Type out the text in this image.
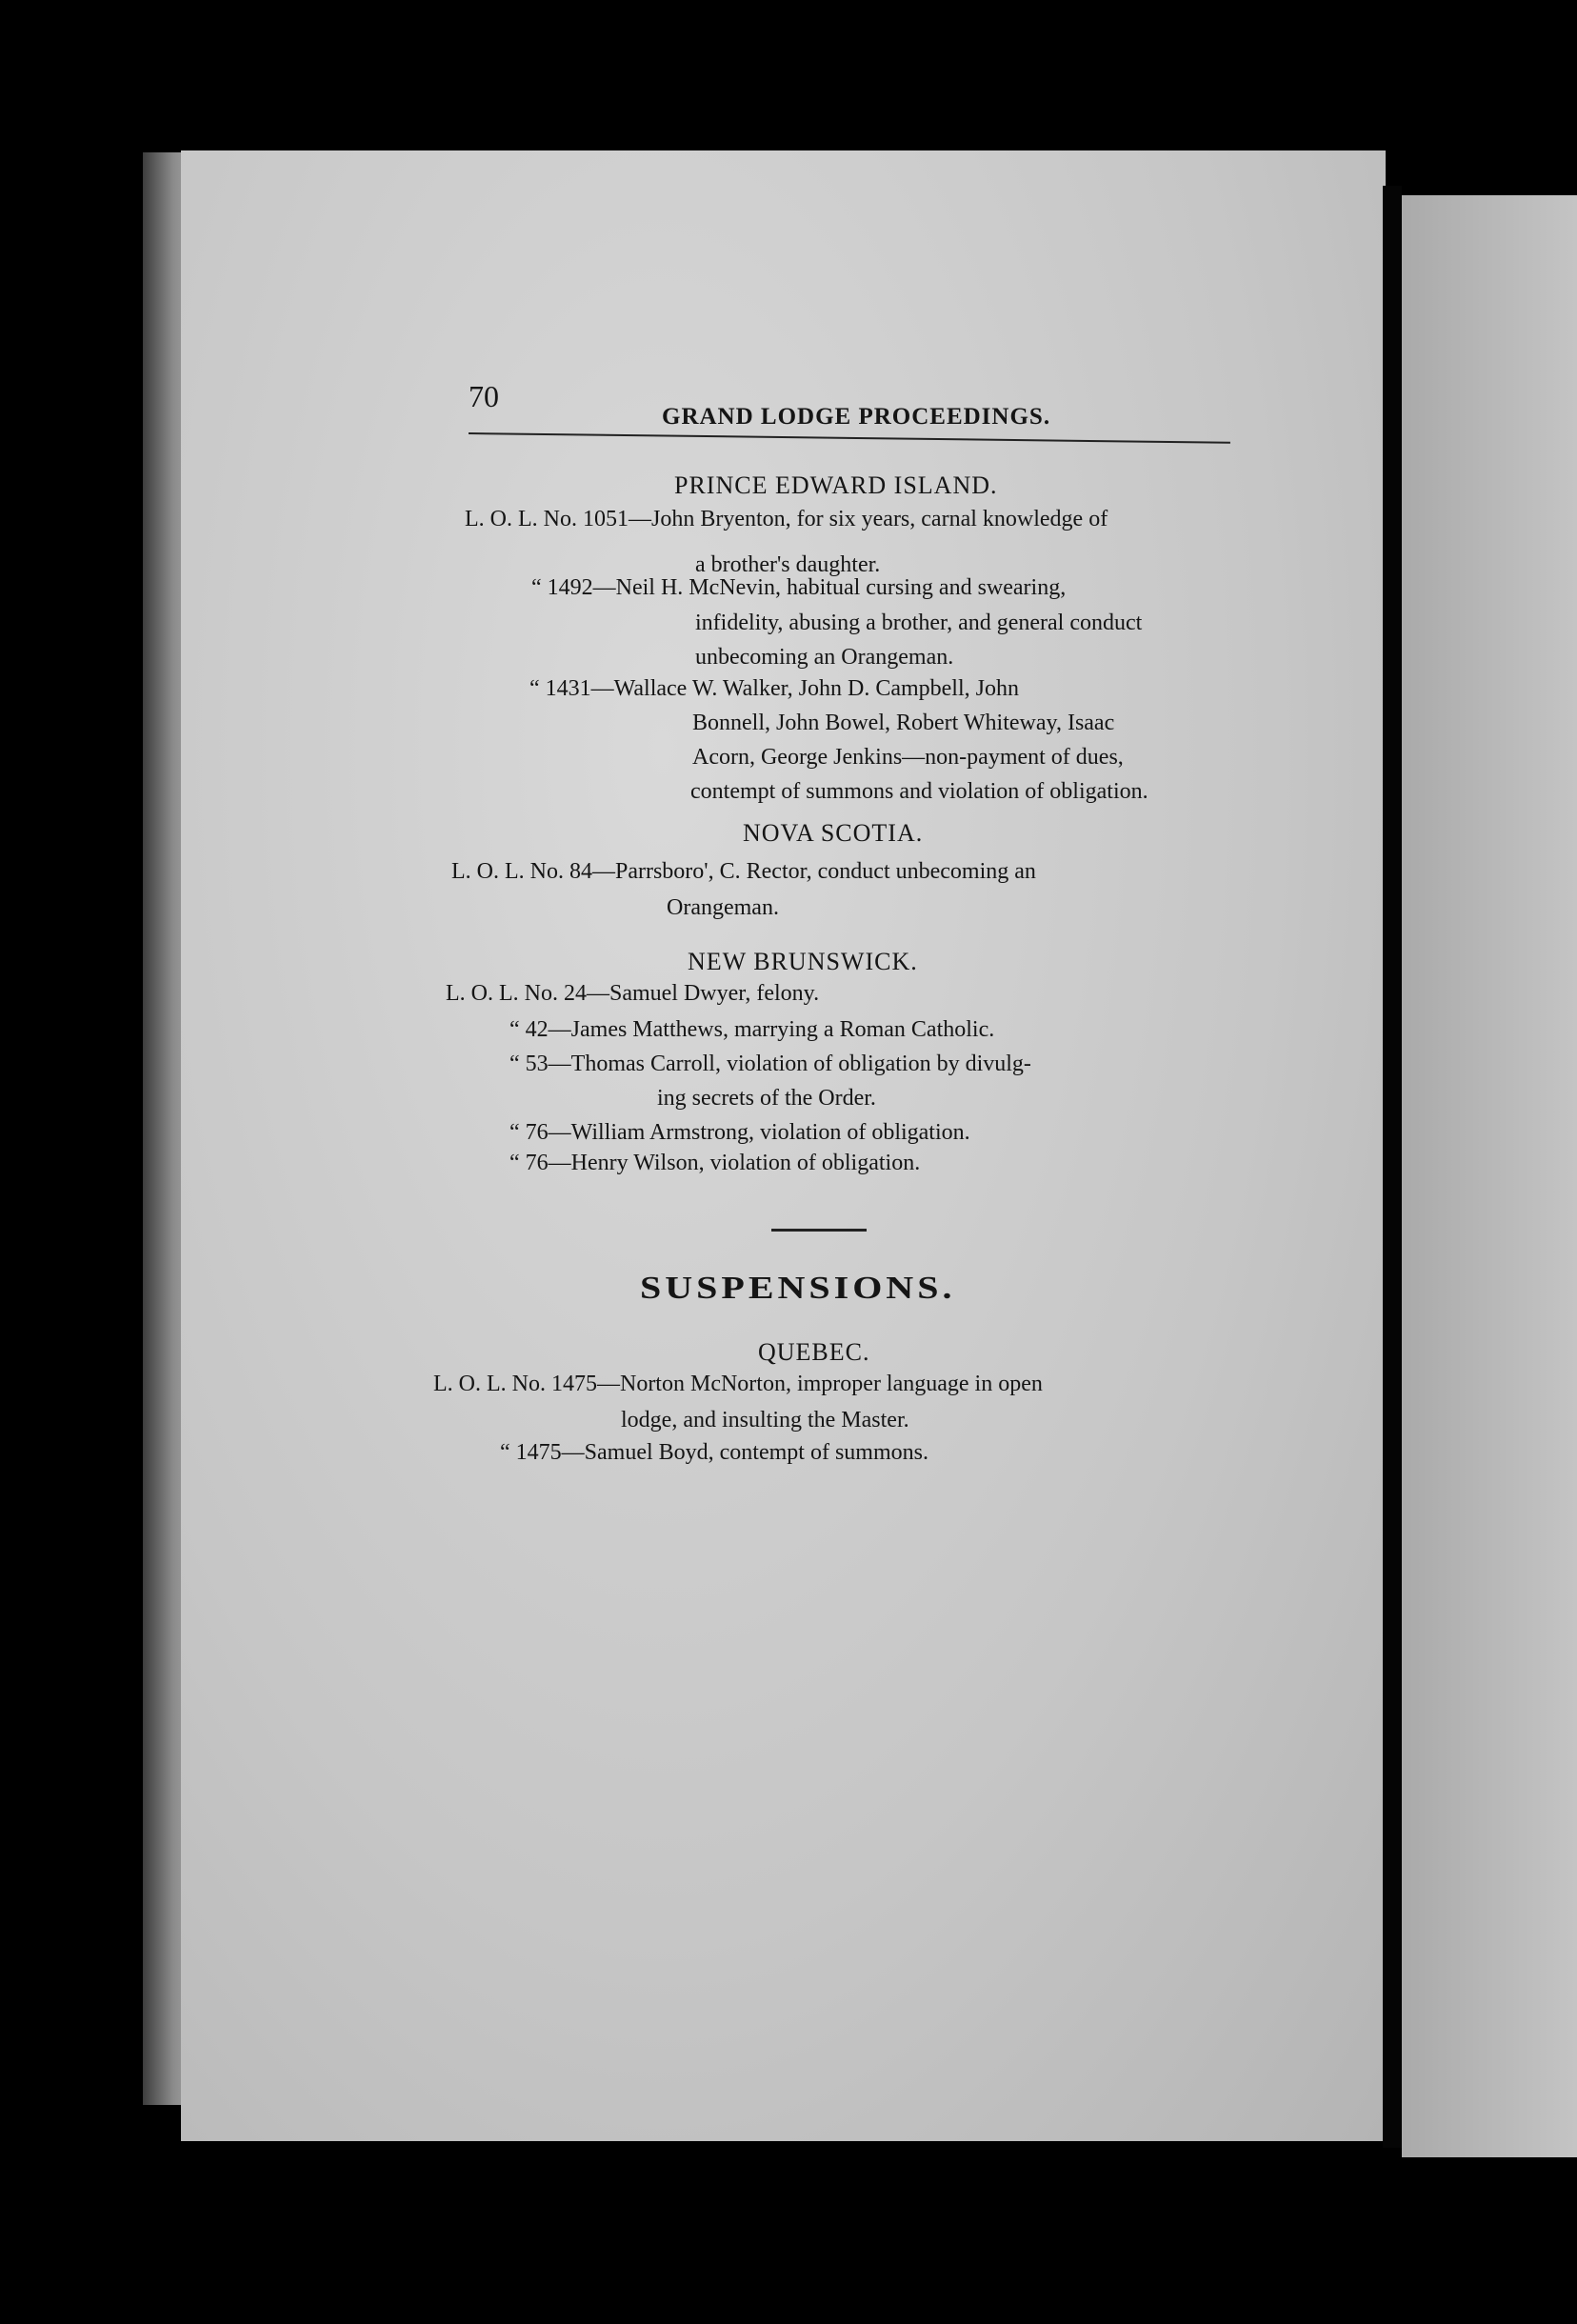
70
GRAND LODGE PROCEEDINGS.
PRINCE EDWARD ISLAND.
L. O. L. No. 1051—John Bryenton, for six years, carnal knowledge of
a brother's daughter.
“ 1492—Neil H. McNevin, habitual cursing and swearing,
infidelity, abusing a brother, and general conduct
unbecoming an Orangeman.
“ 1431—Wallace W. Walker, John D. Campbell, John
Bonnell, John Bowel, Robert Whiteway, Isaac
Acorn, George Jenkins—non-payment of dues,
contempt of summons and violation of obligation.
NOVA SCOTIA.
L. O. L. No. 84—Parrsboro', C. Rector, conduct unbecoming an
Orangeman.
NEW BRUNSWICK.
L. O. L. No. 24—Samuel Dwyer, felony.
“ 42—James Matthews, marrying a Roman Catholic.
“ 53—Thomas Carroll, violation of obligation by divulg-
ing secrets of the Order.
“ 76—William Armstrong, violation of obligation.
“ 76—Henry Wilson, violation of obligation.
SUSPENSIONS.
QUEBEC.
L. O. L. No. 1475—Norton McNorton, improper language in open
lodge, and insulting the Master.
“ 1475—Samuel Boyd, contempt of summons.
